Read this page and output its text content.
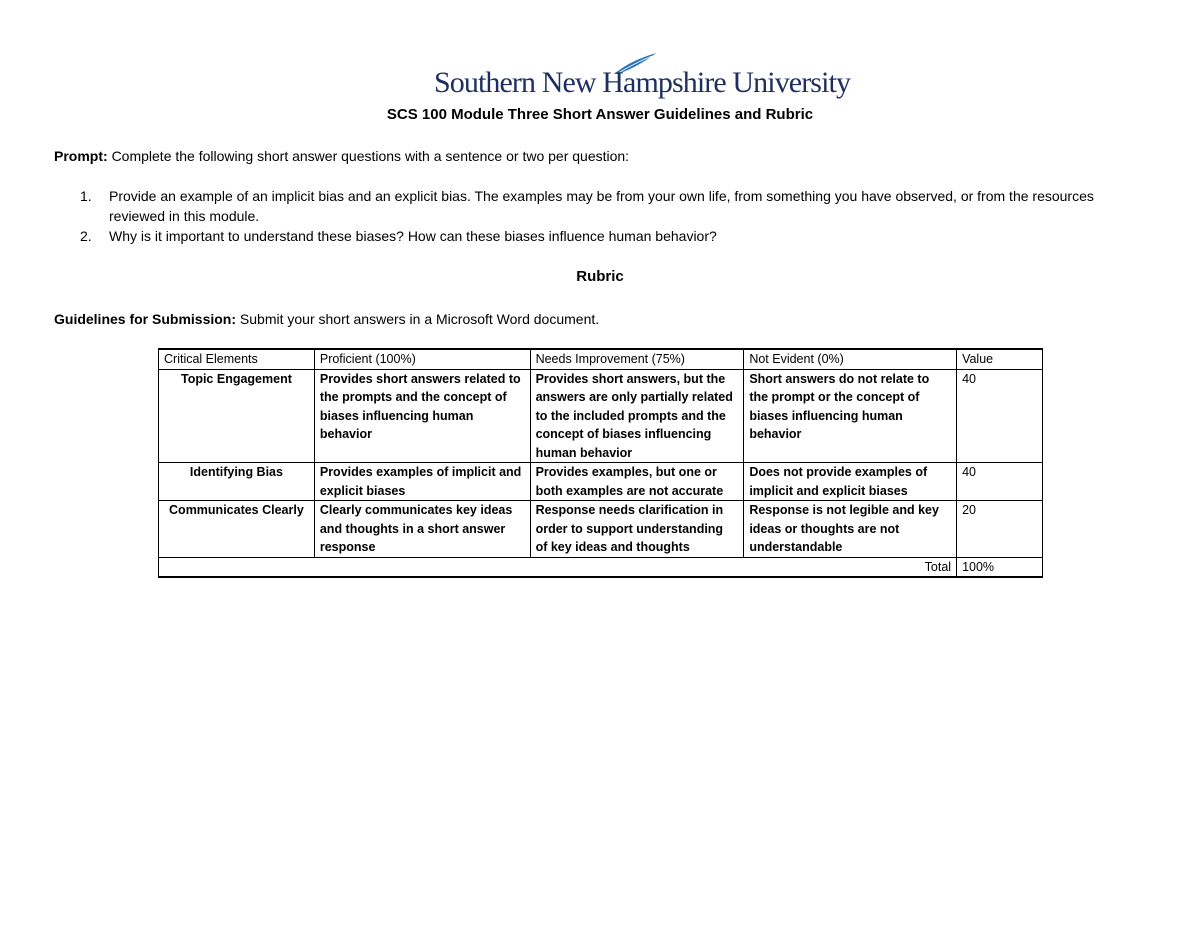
Southern New Hampshire University
SCS 100 Module Three Short Answer Guidelines and Rubric
Prompt: Complete the following short answer questions with a sentence or two per question:
1. Provide an example of an implicit bias and an explicit bias. The examples may be from your own life, from something you have observed, or from the resources reviewed in this module.
2. Why is it important to understand these biases? How can these biases influence human behavior?
Rubric
Guidelines for Submission: Submit your short answers in a Microsoft Word document.
Critical Elements	Proficient (100%)	Needs Improvement (75%)	Not Evident (0%)	Value
Topic Engagement	Provides short answers related to the prompts and the concept of biases influencing human behavior	Provides short answers, but the answers are only partially related to the included prompts and the concept of biases influencing human behavior	Short answers do not relate to the prompt or the concept of biases influencing human behavior	40
Identifying Bias	Provides examples of implicit and explicit biases	Provides examples, but one or both examples are not accurate	Does not provide examples of implicit and explicit biases	40
Communicates Clearly	Clearly communicates key ideas and thoughts in a short answer response	Response needs clarification in order to support understanding of key ideas and thoughts	Response is not legible and key ideas or thoughts are not understandable	20
Total				100%
